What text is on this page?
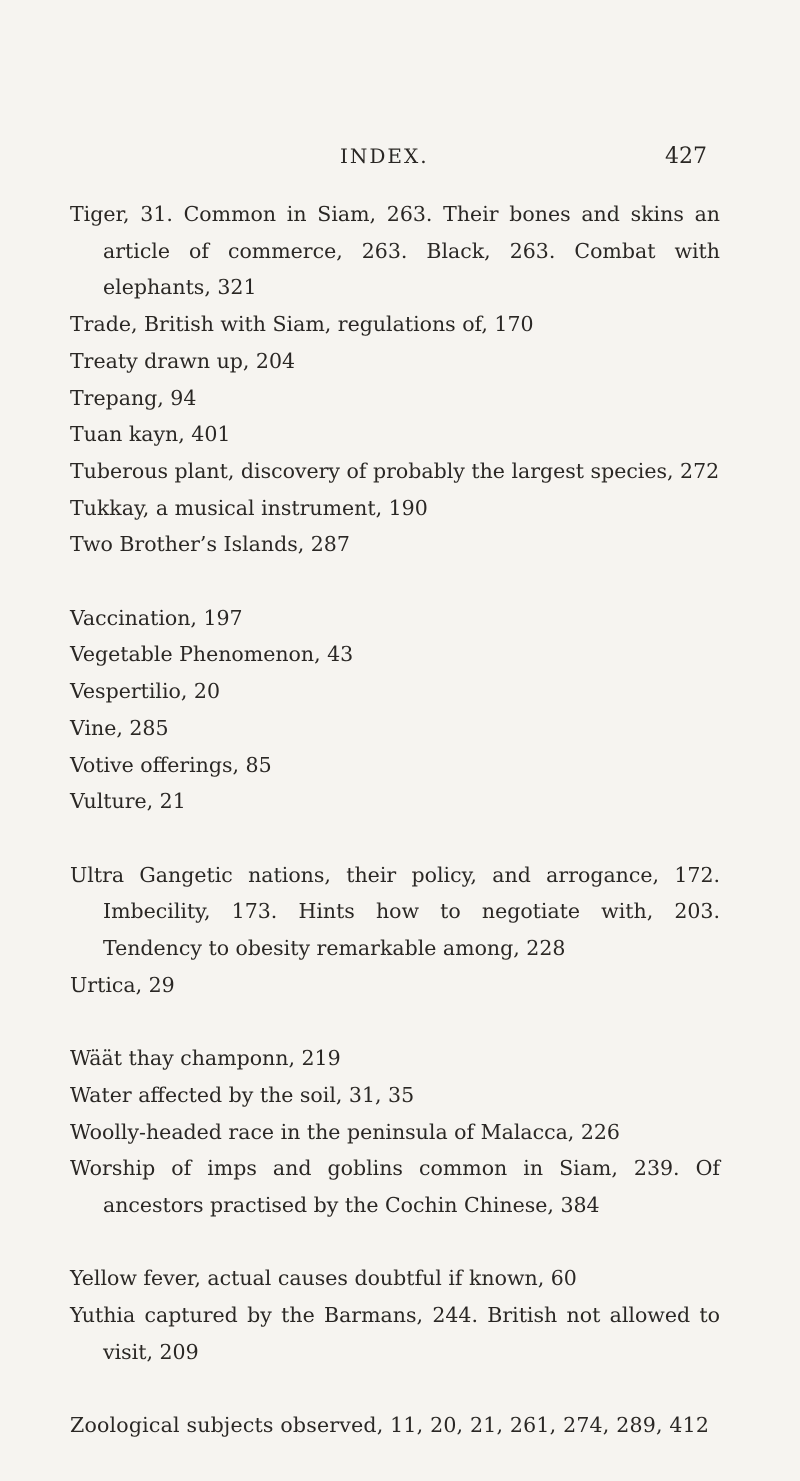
INDEX.	427
Tiger, 31. Common in Siam, 263. Their bones and skins an article of commerce, 263. Black, 263. Combat with elephants, 321
Trade, British with Siam, regulations of, 170
Treaty drawn up, 204
Trepang, 94
Tuan kayn, 401
Tuberous plant, discovery of probably the largest species, 272
Tukkay, a musical instrument, 190
Two Brother’s Islands, 287
Vaccination, 197
Vegetable Phenomenon, 43
Vespertilio, 20
Vine, 285
Votive offerings, 85
Vulture, 21
Ultra Gangetic nations, their policy, and arrogance, 172. Imbecility, 173. Hints how to negotiate with, 203. Tendency to obesity remarkable among, 228
Urtica, 29
Wäät thay champonn, 219
Water affected by the soil, 31, 35
Woolly-headed race in the peninsula of Malacca, 226
Worship of imps and goblins common in Siam, 239. Of ancestors practised by the Cochin Chinese, 384
Yellow fever, actual causes doubtful if known, 60
Yuthia captured by the Barmans, 244. British not allowed to visit, 209
Zoological subjects observed, 11, 20, 21, 261, 274, 289, 412
